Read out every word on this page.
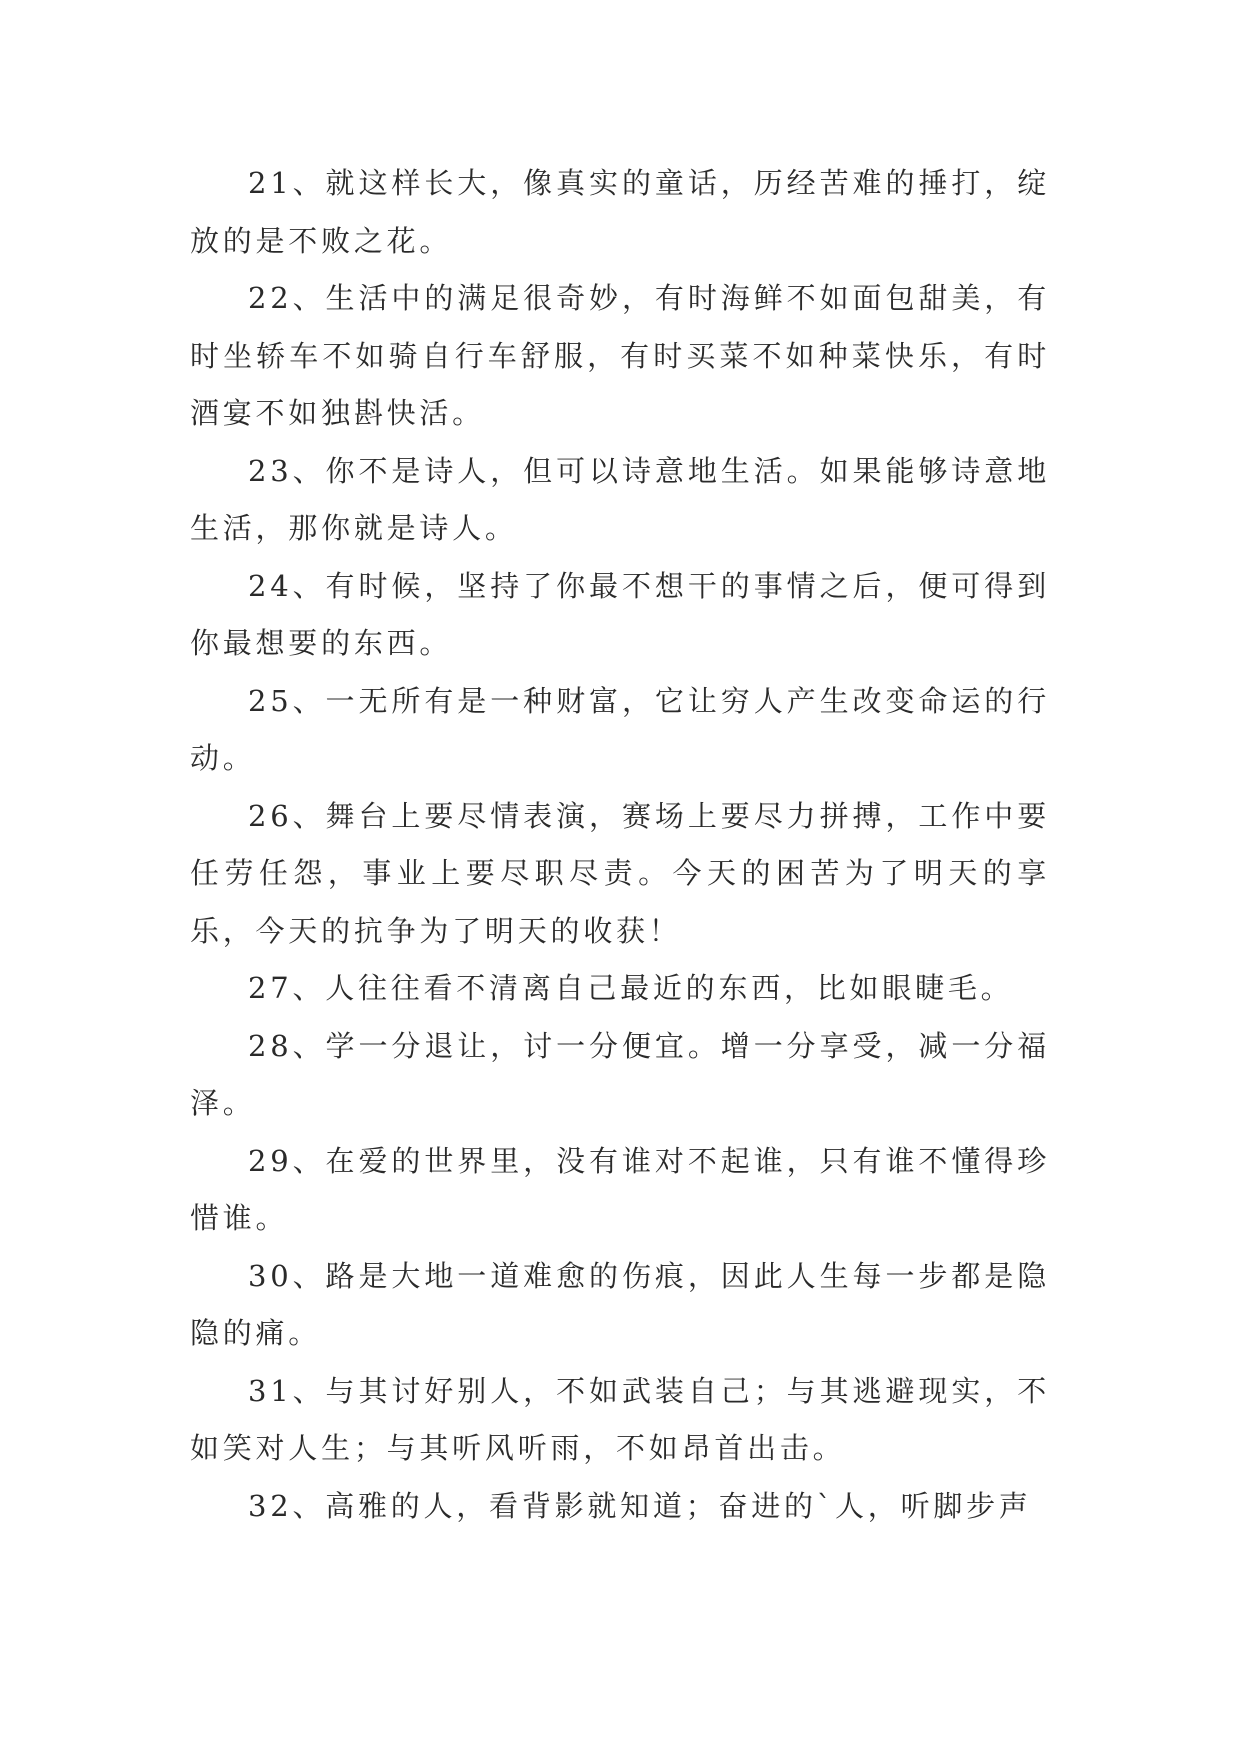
21、就这样长大，像真实的童话，历经苦难的捶打，绽放的是不败之花。

22、生活中的满足很奇妙，有时海鲜不如面包甜美，有时坐轿车不如骑自行车舒服，有时买菜不如种菜快乐，有时酒宴不如独斟快活。

23、你不是诗人，但可以诗意地生活。如果能够诗意地生活，那你就是诗人。

24、有时候，坚持了你最不想干的事情之后，便可得到你最想要的东西。

25、一无所有是一种财富，它让穷人产生改变命运的行动。

26、舞台上要尽情表演，赛场上要尽力拼搏，工作中要任劳任怨，事业上要尽职尽责。今天的困苦为了明天的享乐，今天的抗争为了明天的收获！

27、人往往看不清离自己最近的东西，比如眼睫毛。

28、学一分退让，讨一分便宜。增一分享受，减一分福泽。

29、在爱的世界里，没有谁对不起谁，只有谁不懂得珍惜谁。

30、路是大地一道难愈的伤痕，因此人生每一步都是隐隐的痛。

31、与其讨好别人，不如武装自己；与其逃避现实，不如笑对人生；与其听风听雨，不如昂首出击。

32、高雅的人，看背影就知道；奋进的`人，听脚步声
